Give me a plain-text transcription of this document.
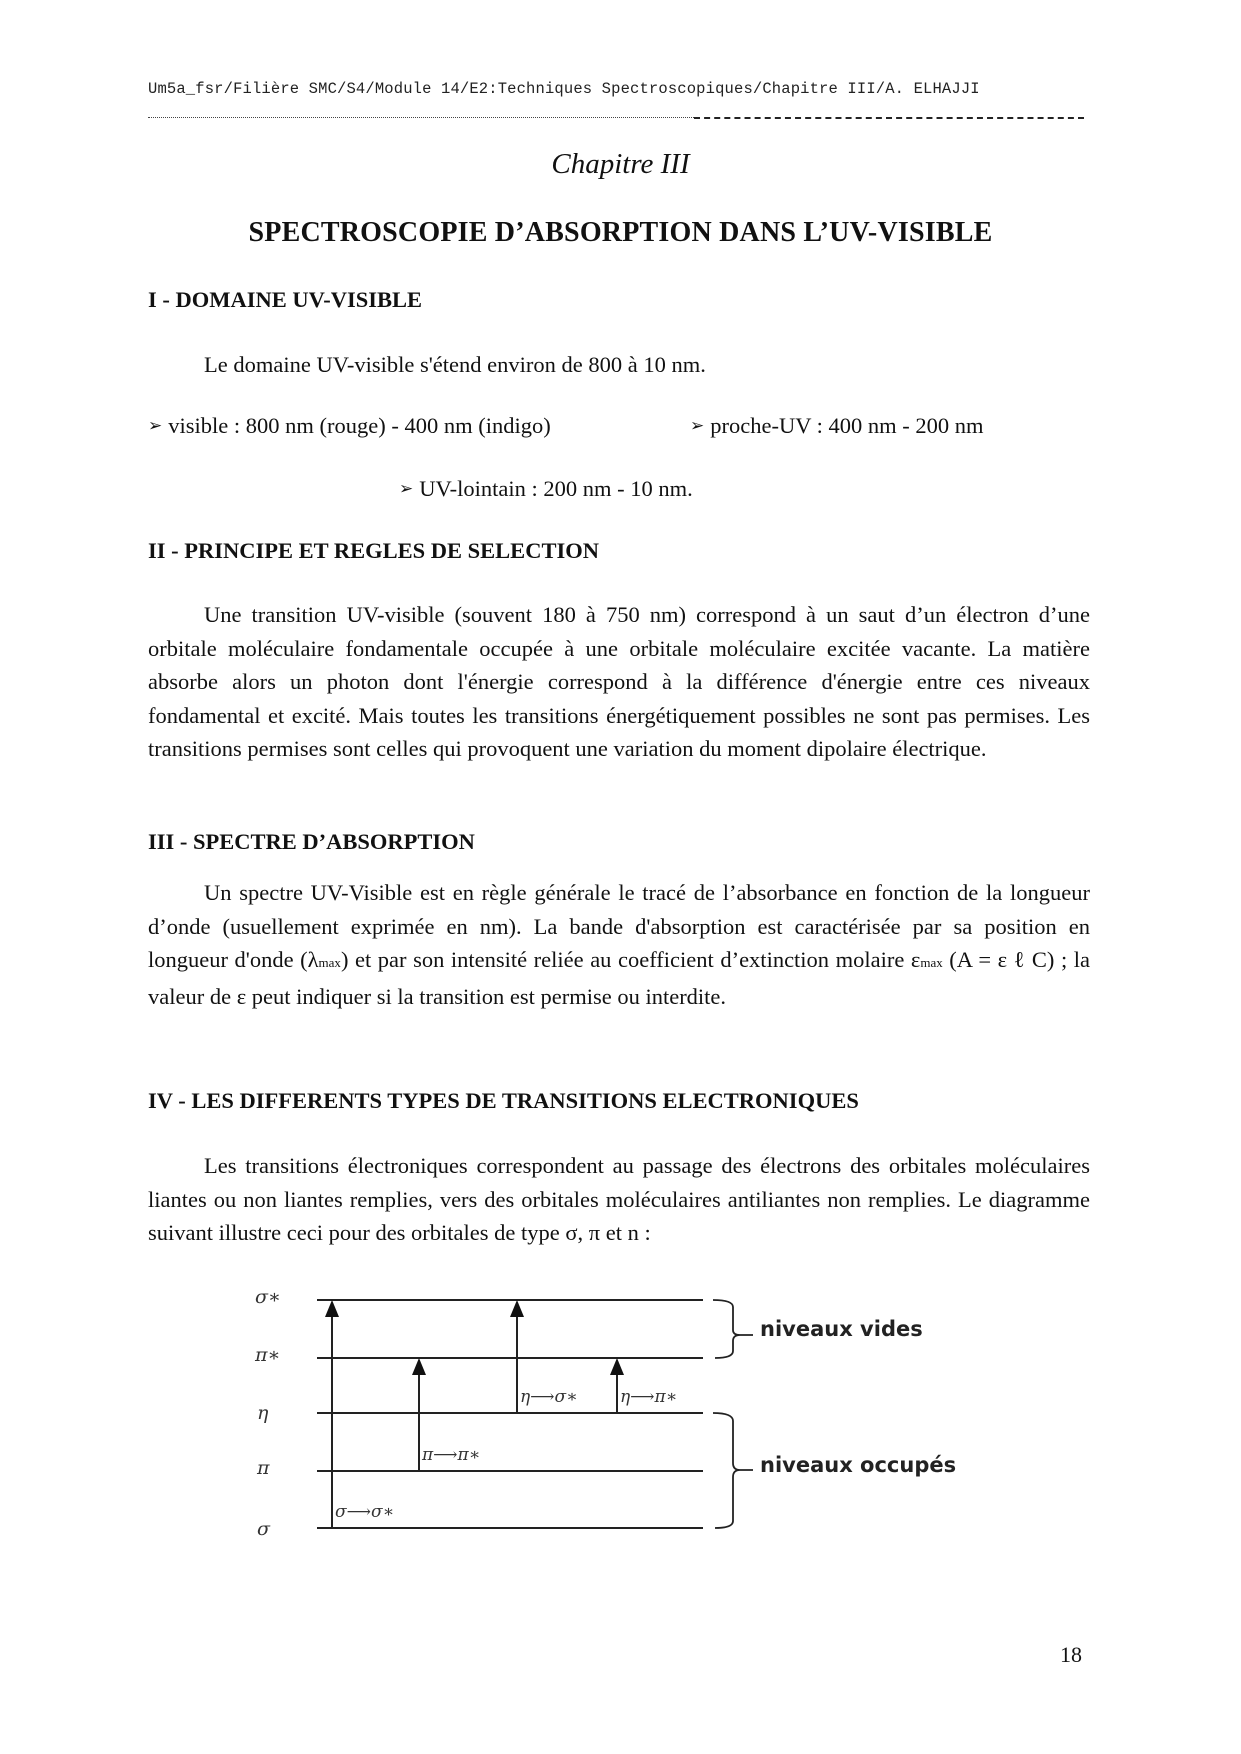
Um5a_fsr/Filière SMC/S4/Module 14/E2:Techniques Spectroscopiques/Chapitre III/A. ELHAJJI
Chapitre III
SPECTROSCOPIE D’ABSORPTION DANS L’UV-VISIBLE
I - DOMAINE UV-VISIBLE
Le domaine UV-visible s'étend environ de 800 à 10 nm.
➢ visible : 800 nm (rouge) - 400 nm (indigo)	➢ proche-UV : 400 nm - 200 nm
➢ UV-lointain : 200 nm - 10 nm.
II - PRINCIPE ET REGLES DE SELECTION
Une transition UV-visible (souvent 180 à 750 nm) correspond à un saut d’un électron d’une orbitale moléculaire fondamentale occupée à une orbitale moléculaire excitée vacante. La matière absorbe alors un photon dont l'énergie correspond à la différence d'énergie entre ces niveaux fondamental et excité. Mais toutes les transitions énergétiquement possibles ne sont pas permises. Les transitions permises sont celles qui provoquent une variation du moment dipolaire électrique.
III - SPECTRE D’ABSORPTION
Un spectre UV-Visible est en règle générale le tracé de l’absorbance en fonction de la longueur d’onde (usuellement exprimée en nm). La bande d'absorption est caractérisée par sa position en longueur d'onde (λmax) et par son intensité reliée au coefficient d’extinction molaire εmax (A = ε ℓ C) ; la valeur de ε peut indiquer si la transition est permise ou interdite.
IV - LES DIFFERENTS TYPES DE TRANSITIONS ELECTRONIQUES
Les transitions électroniques correspondent au passage des électrons des orbitales moléculaires liantes ou non liantes remplies, vers des orbitales moléculaires antiliantes non remplies. Le diagramme suivant illustre ceci pour des orbitales de type σ, π et n :
σ∗
π∗
η
π
σ
σ⟶σ∗
π⟶π∗
η⟶σ∗ η⟶π∗
niveaux vides
niveaux occupés
18
